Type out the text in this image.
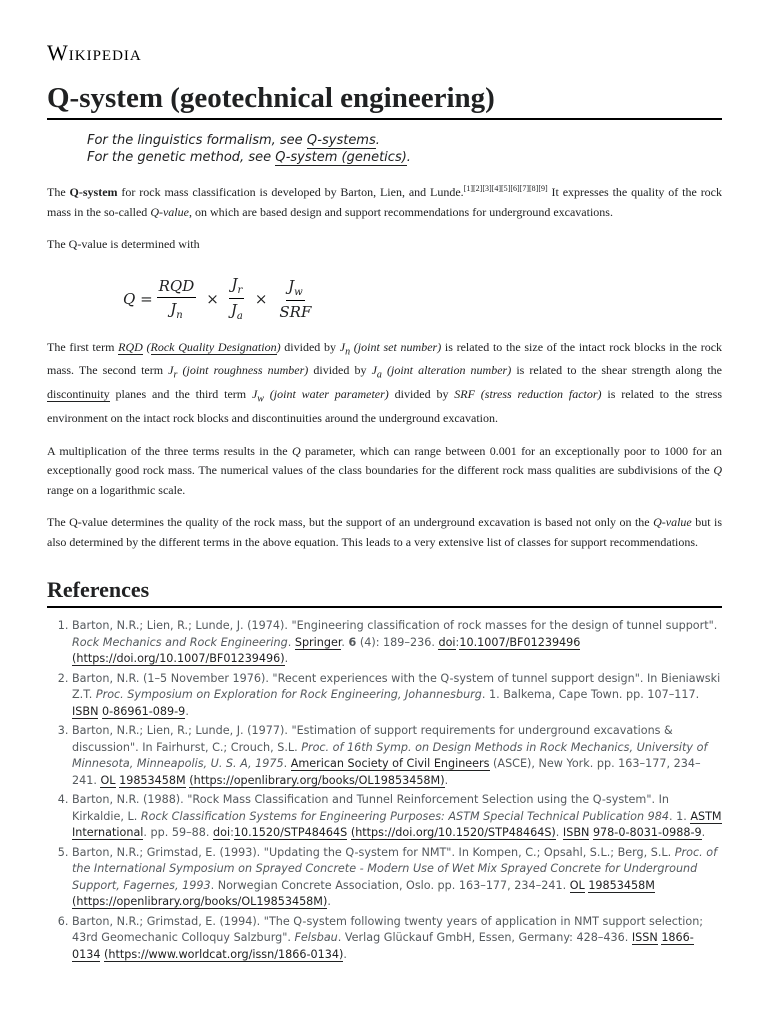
Wikipedia
Q-system (geotechnical engineering)
For the linguistics formalism, see Q-systems.
For the genetic method, see Q-system (genetics).

The Q-system for rock mass classification is developed by Barton, Lien, and Lunde.[1][2][3][4][5][6][7][8][9] It expresses the quality of the rock mass in the so-called Q-value, on which are based design and support recommendations for underground excavations.

The Q-value is determined with

$Q = \frac{\text{RQD}}{J_n} \times \frac{J_r}{J_a} \times \frac{J_w}{\text{SRF}}$

The first term RQD (Rock Quality Designation) divided by $J_n$ (joint set number) is related to the size of the intact rock blocks in the rock mass. The second term $J_r$ (joint roughness number) divided by $J_a$ (joint alteration number) is related to the shear strength along the discontinuity planes and the third term $J_w$ (joint water parameter) divided by SRF (stress reduction factor) is related to the stress environment on the intact rock blocks and discontinuities around the underground excavation.

A multiplication of the three terms results in the Q parameter, which can range between 0.001 for an exceptionally poor to 1000 for an exceptionally good rock mass. The numerical values of the class boundaries for the different rock mass qualities are subdivisions of the Q range on a logarithmic scale.

The Q-value determines the quality of the rock mass, but the support of an underground excavation is based not only on the Q-value but is also determined by the different terms in the above equation. This leads to a very extensive list of classes for support recommendations.

References
1. Barton, N.R.; Lien, R.; Lunde, J. (1974). "Engineering classification of rock masses for the design of tunnel support". Rock Mechanics and Rock Engineering. Springer. 6 (4): 189–236. doi:10.1007/BF01239496 (https://doi.org/10.1007/BF01239496).
2. Barton, N.R. (1–5 November 1976). "Recent experiences with the Q-system of tunnel support design". In Bieniawski Z.T. Proc. Symposium on Exploration for Rock Engineering, Johannesburg. 1. Balkema, Cape Town. pp. 107–117. ISBN 0-86961-089-9.
3. Barton, N.R.; Lien, R.; Lunde, J. (1977). "Estimation of support requirements for underground excavations & discussion". In Fairhurst, C.; Crouch, S.L. Proc. of 16th Symp. on Design Methods in Rock Mechanics, University of Minnesota, Minneapolis, U. S. A, 1975. American Society of Civil Engineers (ASCE), New York. pp. 163–177, 234–241. OL 19853458M (https://openlibrary.org/books/OL19853458M).
4. Barton, N.R. (1988). "Rock Mass Classification and Tunnel Reinforcement Selection using the Q-system". In Kirkaldie, L. Rock Classification Systems for Engineering Purposes: ASTM Special Technical Publication 984. 1. ASTM International. pp. 59–88. doi:10.1520/STP48464S (https://doi.org/10.1520/STP48464S). ISBN 978-0-8031-0988-9.
5. Barton, N.R.; Grimstad, E. (1993). "Updating the Q-system for NMT". In Kompen, C.; Opsahl, S.L.; Berg, S.L. Proc. of the International Symposium on Sprayed Concrete - Modern Use of Wet Mix Sprayed Concrete for Underground Support, Fagernes, 1993. Norwegian Concrete Association, Oslo. pp. 163–177, 234–241. OL 19853458M (https://openlibrary.org/books/OL19853458M).
6. Barton, N.R.; Grimstad, E. (1994). "The Q-system following twenty years of application in NMT support selection; 43rd Geomechanic Colloquy Salzburg". Felsbau. Verlag Glückauf GmbH, Essen, Germany: 428–436. ISSN 1866-0134 (https://www.worldcat.org/issn/1866-0134).
